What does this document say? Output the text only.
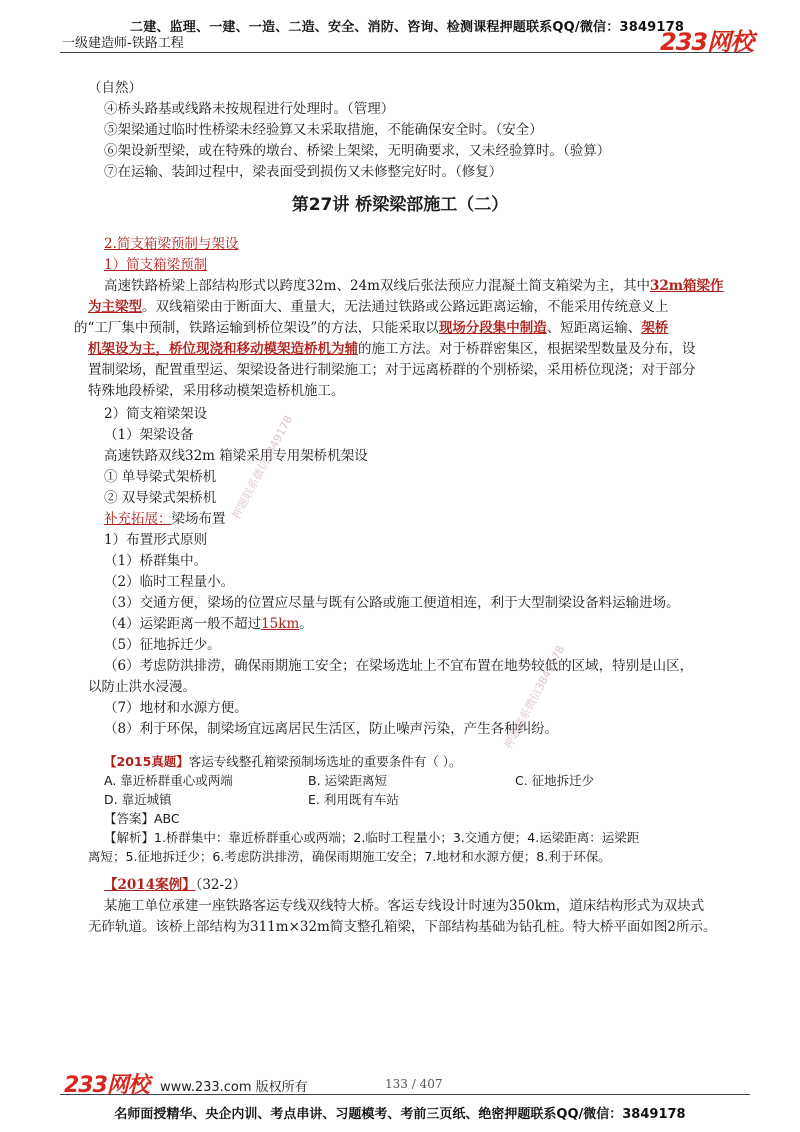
二建、监理、一建、一造、二造、安全、消防、咨询、检测课程押题联系QQ/微信：3849178
一级建造师-铁路工程	233网校
（自然）
④桥头路基或线路未按规程进行处理时。（管理）
⑤架梁通过临时性桥梁未经验算又未采取措施，不能确保安全时。（安全）
⑥架设新型梁，或在特殊的墩台、桥梁上架梁，无明确要求，又未经验算时。（验算）
⑦在运输、装卸过程中，梁表面受到损伤又未修整完好时。（修复）
第27讲 桥梁梁部施工（二）
2.简支箱梁预制与架设
1）简支箱梁预制
高速铁路桥梁上部结构形式以跨度32m、24m双线后张法预应力混凝土简支箱梁为主，其中32m箱梁作
为主梁型。双线箱梁由于断面大、重量大，无法通过铁路或公路远距离运输，不能采用传统意义上
的“工厂集中预制，铁路运输到桥位架设”的方法，只能采取以现场分段集中制造、短距离运输、架桥
机架设为主，桥位现浇和移动模架造桥机为辅的施工方法。对于桥群密集区，根据梁型数量及分布，设
置制梁场，配置重型运、架梁设备进行制梁施工；对于远离桥群的个别桥梁，采用桥位现浇；对于部分
特殊地段桥梁，采用移动模架造桥机施工。
2）简支箱梁架设
（1）架梁设备
高速铁路双线32m 箱梁采用专用架桥机架设
① 单导梁式架桥机
② 双导梁式架桥机
补充拓展：梁场布置
1）布置形式原则
（1）桥群集中。
（2）临时工程量小。
（3）交通方便，梁场的位置应尽量与既有公路或施工便道相连，利于大型制梁设备料运输进场。
（4）运梁距离一般不超过15km。
（5）征地拆迁少。
（6）考虑防洪排涝，确保雨期施工安全；在梁场选址上不宜布置在地势较低的区域，特别是山区，
以防止洪水浸漫。
（7）地材和水源方便。
（8）利于环保，制梁场宜远离居民生活区，防止噪声污染，产生各种纠纷。
【2015真题】客运专线整孔箱梁预制场选址的重要条件有（ ）。
A. 靠近桥群重心或两端	B. 运梁距离短	C. 征地拆迁少
D. 靠近城镇	E. 利用既有车站
【答案】ABC
【解析】1.桥群集中：靠近桥群重心或两端；2.临时工程量小；3.交通方便；4.运梁距离：运梁距
离短；5.征地拆迁少；6.考虑防洪排涝，确保雨期施工安全；7.地材和水源方便；8.利于环保。
【2014案例】（32-2）
某施工单位承建一座铁路客运专线双线特大桥。客运专线设计时速为350km，道床结构形式为双块式
无砟轨道。该桥上部结构为311m×32m简支整孔箱梁，下部结构基础为钻孔桩。特大桥平面如图2所示。
押题联系微信3849178
押题联系微信3849178
233网校 www.233.com 版权所有	133 / 407
名师面授精华、央企内训、考点串讲、习题模考、考前三页纸、绝密押题联系QQ/微信：3849178
